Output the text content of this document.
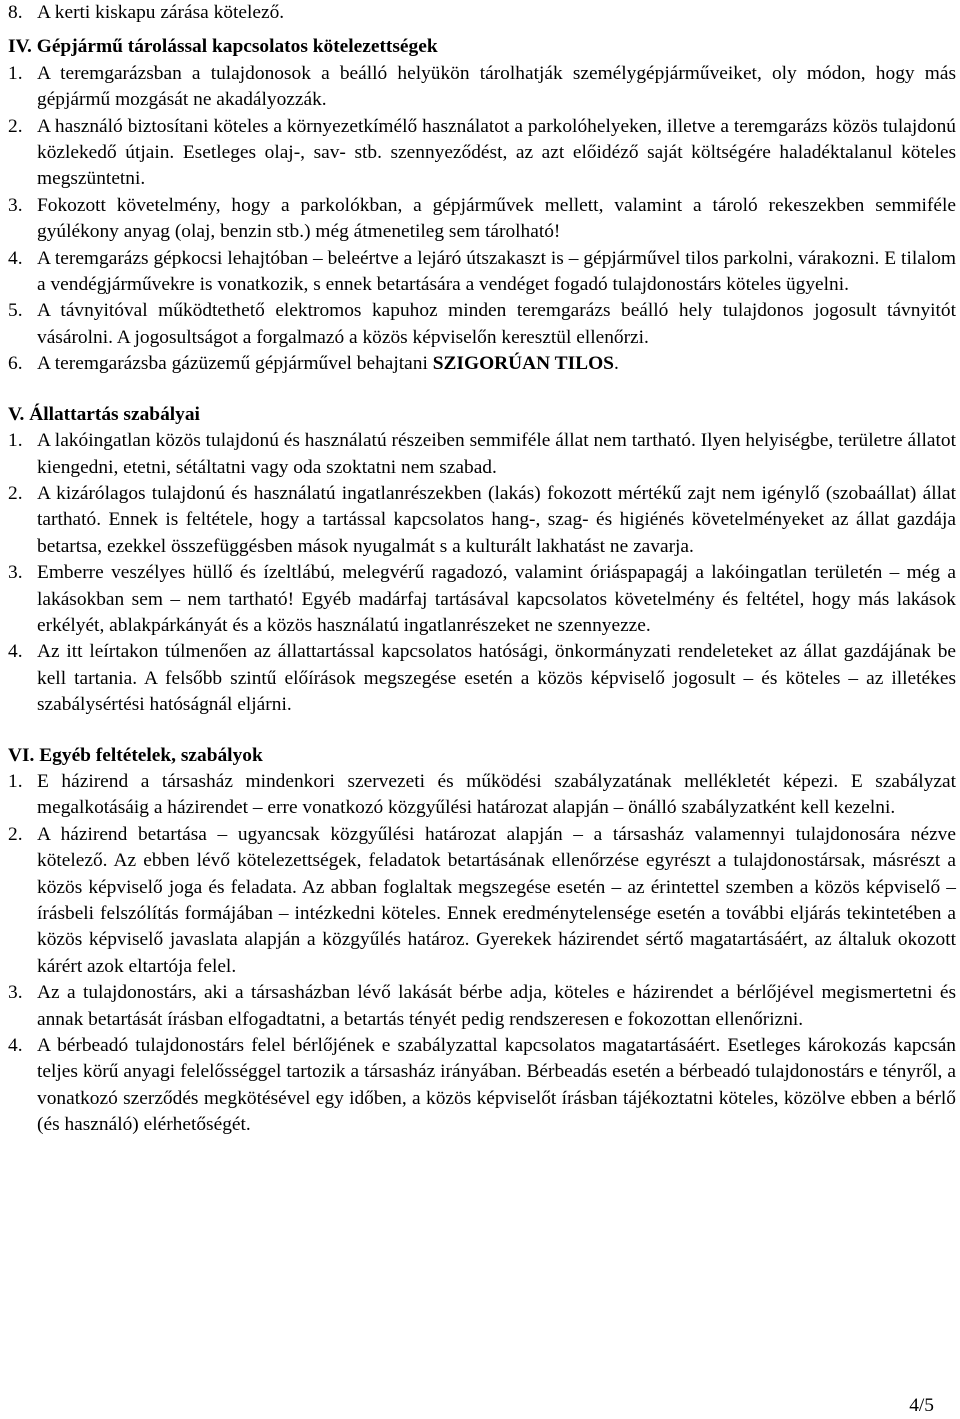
8. A kerti kiskapu zárása kötelező.
IV. Gépjármű tárolással kapcsolatos kötelezettségek
1. A teremgarázsban a tulajdonosok a beálló helyükön tárolhatják személygépjárműveiket, oly módon, hogy más gépjármű mozgását ne akadályozzák.
2. A használó biztosítani köteles a környezetkímélő használatot a parkolóhelyeken, illetve a teremgarázs közös tulajdonú közlekedő útjain. Esetleges olaj-, sav- stb. szennyeződést, az azt előidéző saját költségére haladéktalanul köteles megszüntetni.
3. Fokozott követelmény, hogy a parkolókban, a gépjárművek mellett, valamint a tároló rekeszekben semmiféle gyúlékony anyag (olaj, benzin stb.) még átmenetileg sem tárolható!
4. A teremgarázs gépkocsi lehajtóban – beleértve a lejáró útszakaszt is – gépjárművel tilos parkolni, várakozni. E tilalom a vendégjárművekre is vonatkozik, s ennek betartására a vendéget fogadó tulajdonostárs köteles ügyelni.
5. A távnyitóval működtethető elektromos kapuhoz minden teremgarázs beálló hely tulajdonos jogosult távnyitót vásárolni. A jogosultságot a forgalmazó a közös képviselőn keresztül ellenőrzi.
6. A teremgarázsba gázüzemű gépjárművel behajtani SZIGORÚAN TILOS.
V. Állattartás szabályai
1. A lakóingatlan közös tulajdonú és használatú részeiben semmiféle állat nem tartható. Ilyen helyiségbe, területre állatot kiengedni, etetni, sétáltatni vagy oda szoktatni nem szabad.
2. A kizárólagos tulajdonú és használatú ingatlanrészekben (lakás) fokozott mértékű zajt nem igénylő (szobaállat) állat tartható. Ennek is feltétele, hogy a tartással kapcsolatos hang-, szag- és higiénés követelményeket az állat gazdája betartsa, ezekkel összefüggésben mások nyugalmát s a kulturált lakhatást ne zavarja.
3. Emberre veszélyes hüllő és ízeltlábú, melegvérű ragadozó, valamint óriáspapagáj a lakóingatlan területén – még a lakásokban sem – nem tartható! Egyéb madárfaj tartásával kapcsolatos követelmény és feltétel, hogy más lakások erkélyét, ablakpárkányát és a közös használatú ingatlanrészeket ne szennyezze.
4. Az itt leírtakon túlmenően az állattartással kapcsolatos hatósági, önkormányzati rendeleteket az állat gazdájának be kell tartania. A felsőbb szintű előírások megszegése esetén a közös képviselő jogosult – és köteles – az illetékes szabálysértési hatóságnál eljárni.
VI. Egyéb feltételek, szabályok
1. E házirend a társasház mindenkori szervezeti és működési szabályzatának mellékletét képezi. E szabályzat megalkotásáig a házirendet – erre vonatkozó közgyűlési határozat alapján – önálló szabályzatként kell kezelni.
2. A házirend betartása – ugyancsak közgyűlési határozat alapján – a társasház valamennyi tulajdonosára nézve kötelező. Az ebben lévő kötelezettségek, feladatok betartásának ellenőrzése egyrészt a tulajdonostársak, másrészt a közös képviselő joga és feladata. Az abban foglaltak megszegése esetén – az érintettel szemben a közös képviselő – írásbeli felszólítás formájában – intézkedni köteles. Ennek eredménytelensége esetén a további eljárás tekintetében a közös képviselő javaslata alapján a közgyűlés határoz. Gyerekek házirendet sértő magatartásáért, az általuk okozott kárért azok eltartója felel.
3. Az a tulajdonostárs, aki a társasházban lévő lakását bérbe adja, köteles e házirendet a bérlőjével megismertetni és annak betartását írásban elfogadtatni, a betartás tényét pedig rendszeresen e fokozottan ellenőrizni.
4. A bérbeadó tulajdonostárs felel bérlőjének e szabályzattal kapcsolatos magatartásáért. Esetleges károkozás kapcsán teljes körű anyagi felelősséggel tartozik a társasház irányában. Bérbeadás esetén a bérbeadó tulajdonostárs e tényről, a vonatkozó szerződés megkötésével egy időben, a közös képviselőt írásban tájékoztatni köteles, közölve ebben a bérlő (és használó) elérhetőségét.
4/5
